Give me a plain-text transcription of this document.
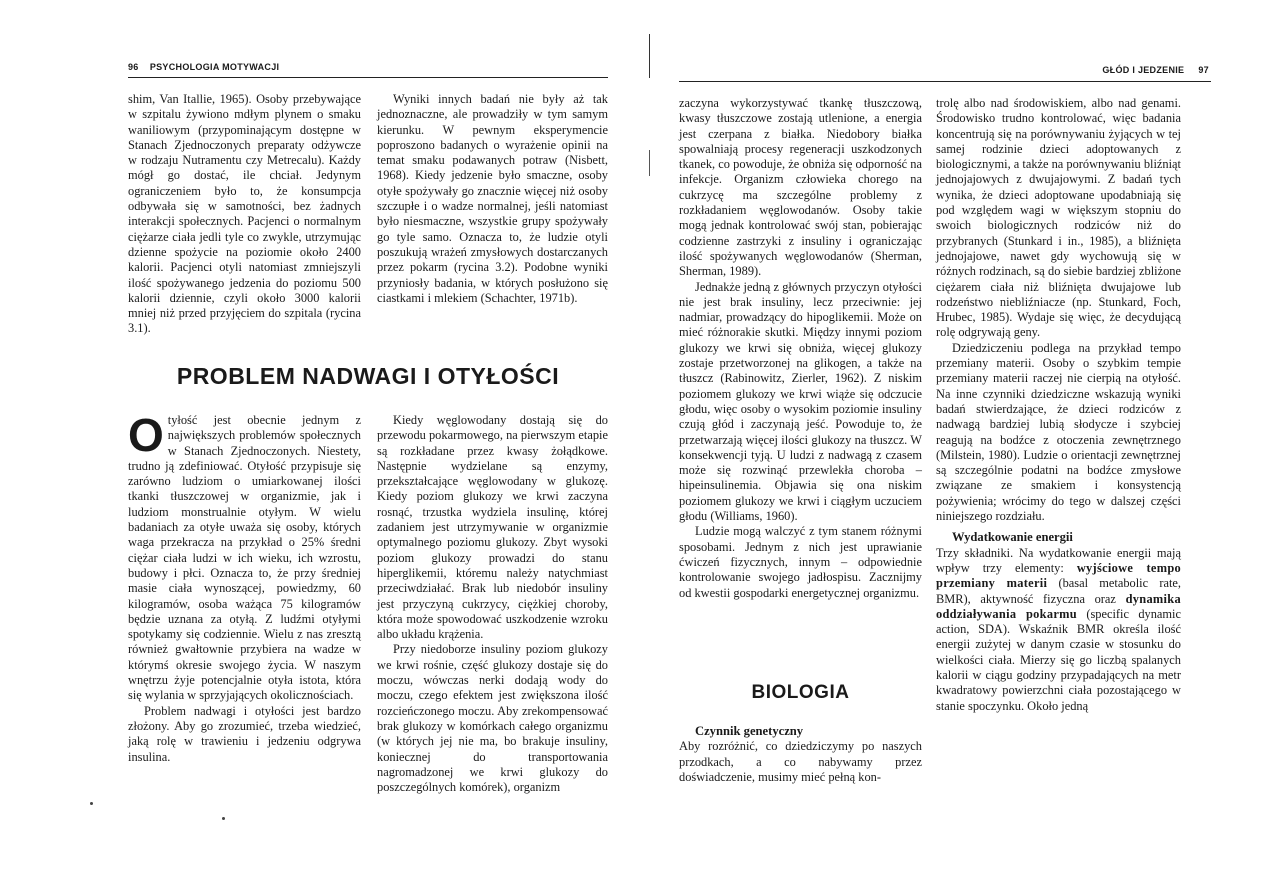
96 PSYCHOLOGIA MOTYWACJI

shim, Van Itallie, 1965). Osoby przebywające w szpitalu żywiono mdłym plynem o smaku waniliowym (przypominającym dostępne w Stanach Zjednoczonych preparaty odżywcze w rodzaju Nutramentu czy Metrecalu). Każdy mógł go dostać, ile chciał. Jedynym ograniczeniem było to, że konsumpcja odbywała się w samotności, bez żadnych interakcji społecznych. Pacjenci o normalnym ciężarze ciała jedli tyle co zwykle, utrzymując dzienne spożycie na poziomie około 2400 kalorii. Pacjenci otyli natomiast zmniejszyli ilość spożywanego jedzenia do poziomu 500 kalorii dziennie, czyli około 3000 kalorii mniej niż przed przyjęciem do szpitala (rycina 3.1).

Wyniki innych badań nie były aż tak jednoznaczne, ale prowadziły w tym samym kierunku. W pewnym eksperymencie poproszono badanych o wyrażenie opinii na temat smaku podawanych potraw (Nisbett, 1968). Kiedy jedzenie było smaczne, osoby otyłe spożywały go znacznie więcej niż osoby szczupłe i o wadze normalnej, jeśli natomiast było niesmaczne, wszystkie grupy spożywały go tyle samo. Oznacza to, że ludzie otyli poszukują wrażeń zmysłowych dostarczanych przez pokarm (rycina 3.2). Podobne wyniki przyniosły badania, w których posłużono się ciastkami i mlekiem (Schachter, 1971b).

PROBLEM NADWAGI I OTYŁOŚCI

Otyłość jest obecnie jednym z największych problemów społecznych w Stanach Zjednoczonych. Niestety, trudno ją zdefiniować. Otyłość przypisuje się zarówno ludziom o umiarkowanej ilości tkanki tłuszczowej w organizmie, jak i ludziom monstrualnie otyłym. W wielu badaniach za otyłe uważa się osoby, których waga przekracza na przykład o 25% średni ciężar ciała ludzi w ich wieku, ich wzrostu, budowy i płci. Oznacza to, że przy średniej masie ciała wynoszącej, powiedzmy, 60 kilogramów, osoba ważąca 75 kilogramów będzie uznana za otyłą. Z ludźmi otyłymi spotykamy się codziennie. Wielu z nas zresztą również gwałtownie przybiera na wadze w którymś okresie swojego życia. W naszym wnętrzu żyje potencjalnie otyła istota, która się wylania w sprzyjających okolicznościach.

Problem nadwagi i otyłości jest bardzo złożony. Aby go zrozumieć, trzeba wiedzieć, jaką rolę w trawieniu i jedzeniu odgrywa insulina.

Kiedy węglowodany dostają się do przewodu pokarmowego, na pierwszym etapie są rozkładane przez kwasy żołądkowe. Następnie wydzielane są enzymy, przekształcające węglowodany w glukozę. Kiedy poziom glukozy we krwi zaczyna rosnąć, trzustka wydziela insulinę, której zadaniem jest utrzymywanie w organizmie optymalnego poziomu glukozy. Zbyt wysoki poziom glukozy prowadzi do stanu hiperglikemii, któremu należy natychmiast przeciwdziałać. Brak lub niedobór insuliny jest przyczyną cukrzycy, ciężkiej choroby, która może spowodować uszkodzenie wzroku albo układu krążenia.

Przy niedoborze insuliny poziom glukozy we krwi rośnie, część glukozy dostaje się do moczu, wówczas nerki dodają wody do moczu, czego efektem jest zwiększona ilość rozcieńczonego moczu. Aby zrekompensować brak glukozy w komórkach całego organizmu (w których jej nie ma, bo brakuje insuliny, koniecznej do transportowania nagromadzonej we krwi glukozy do poszczególnych komórek), organizm

GŁÓD I JEDZENIE 97

zaczyna wykorzystywać tkankę tłuszczową, kwasy tłuszczowe zostają utlenione, a energia jest czerpana z białka. Niedobory białka spowalniają procesy regeneracji uszkodzonych tkanek, co powoduje, że obniża się odporność na infekcje. Organizm człowieka chorego na cukrzycę ma szczególne problemy z rozkładaniem węglowodanów. Osoby takie mogą jednak kontrolować swój stan, pobierając codzienne zastrzyki z insuliny i ograniczając ilość spożywanych węglowodanów (Sherman, Sherman, 1989).

Jednakże jedną z głównych przyczyn otyłości nie jest brak insuliny, lecz przeciwnie: jej nadmiar, prowadzący do hipoglikemii. Może on mieć różnorakie skutki. Między innymi poziom glukozy we krwi się obniża, więcej glukozy zostaje przetworzonej na glikogen, a także na tłuszcz (Rabinowitz, Zierler, 1962). Z niskim poziomem glukozy we krwi wiąże się odczucie głodu, więc osoby o wysokim poziomie insuliny czują głód i zaczynają jeść. Powoduje to, że przetwarzają więcej ilości glukozy na tłuszcz. W konsekwencji tyją. U ludzi z nadwagą z czasem może się rozwinąć przewlekła choroba – hipeinsulinemia. Objawia się ona niskim poziomem glukozy we krwi i ciągłym uczuciem głodu (Williams, 1960).

Ludzie mogą walczyć z tym stanem różnymi sposobami. Jednym z nich jest uprawianie ćwiczeń fizycznych, innym – odpowiednie kontrolowanie swojego jadłospisu. Zacznijmy od kwestii gospodarki energetycznej organizmu.

BIOLOGIA

Czynnik genetyczny

Aby rozróżnić, co dziedziczymy po naszych przodkach, a co nabywamy przez doświadczenie, musimy mieć pełną kon-

trolę albo nad środowiskiem, albo nad genami. Środowisko trudno kontrolować, więc badania koncentrują się na porównywaniu żyjących w tej samej rodzinie dzieci adoptowanych z biologicznymi, a także na porównywaniu bliźniąt jednojajowych z dwujajowymi. Z badań tych wynika, że dzieci adoptowane upodabniają się pod względem wagi w większym stopniu do swoich biologicznych rodziców niż do przybranych (Stunkard i in., 1985), a bliźnięta jednojajowe, nawet gdy wychowują się w różnych rodzinach, są do siebie bardziej zbliżone ciężarem ciała niż bliźnięta dwujajowe lub rodzeństwo niebliźniacze (np. Stunkard, Foch, Hrubec, 1985). Wydaje się więc, że decydującą rolę odgrywają geny.

Dziedziczeniu podlega na przykład tempo przemiany materii. Osoby o szybkim tempie przemiany materii raczej nie cierpią na otyłość. Na inne czynniki dziedziczne wskazują wyniki badań stwierdzające, że dzieci rodziców z nadwagą bardziej lubią słodycze i szybciej reagują na bodźce z otoczenia zewnętrznego (Milstein, 1980). Ludzie o orientacji zewnętrznej są szczególnie podatni na bodźce zmysłowe związane ze smakiem i konsystencją pożywienia; wrócimy do tego w dalszej części niniejszego rozdziału.

Wydatkowanie energii

Trzy składniki. Na wydatkowanie energii mają wpływ trzy elementy: wyjściowe tempo przemiany materii (basal metabolic rate, BMR), aktywność fizyczna oraz dynamika oddziaływania pokarmu (specific dynamic action, SDA). Wskaźnik BMR określa ilość energii zużytej w danym czasie w stosunku do wielkości ciała. Mierzy się go liczbą spalanych kalorii w ciągu godziny przypadających na metr kwadratowy powierzchni ciała pozostającego w stanie spoczynku. Około jedną
